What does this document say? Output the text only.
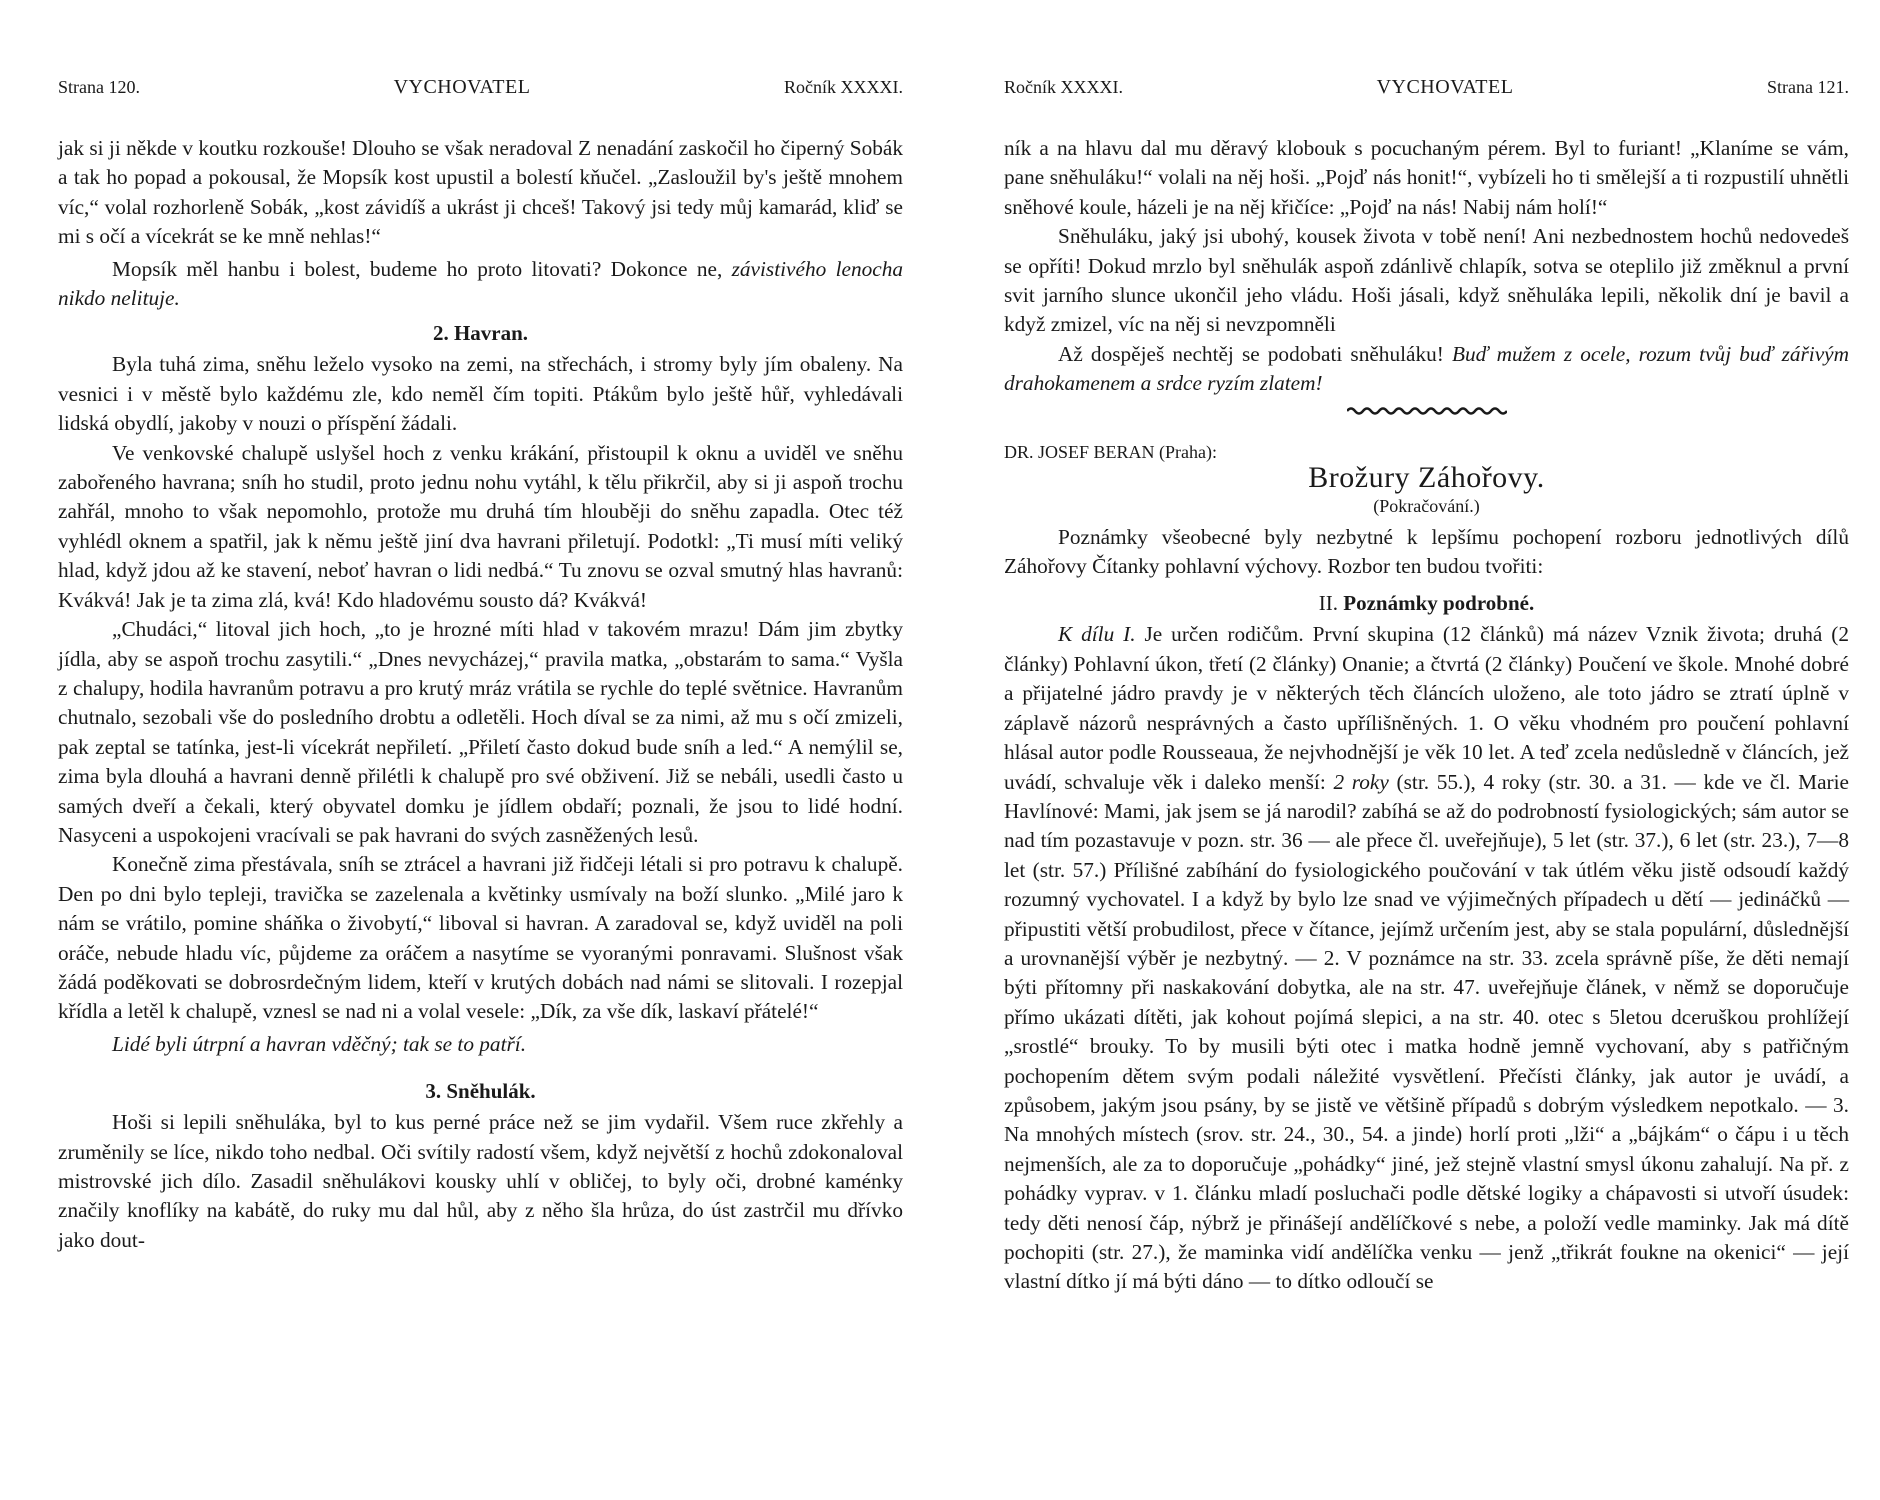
Strana 120.	VYCHOVATEL	Ročník XXXXI.

jak si ji někde v koutku rozkouše! Dlouho se však neradoval Z nenadání zaskočil ho čiperný Sobák a tak ho popad a pokousal, že Mopsík kost upustil a bolestí kňučel. „Zasloužil by's ještě mnohem víc,“ volal rozhorleně Sobák, „kost závidíš a ukrást ji chceš! Takový jsi tedy můj kamarád, kliď se mi s očí a vícekrát se ke mně nehlas!“

Mopsík měl hanbu i bolest, budeme ho proto litovati? Dokonce ne, závistivého lenocha nikdo nelituje.

2. Havran.

Byla tuhá zima, sněhu leželo vysoko na zemi, na střechách, i stromy byly jím obaleny. Na vesnici i v městě bylo každému zle, kdo neměl čím topiti. Ptákům bylo ještě hůř, vyhledávali lidská obydlí, jakoby v nouzi o příspění žádali.

Ve venkovské chalupě uslyšel hoch z venku krákání, přistoupil k oknu a uviděl ve sněhu zabořeného havrana; sníh ho studil, proto jednu nohu vytáhl, k tělu přikrčil, aby si ji aspoň trochu zahřál, mnoho to však nepomohlo, protože mu druhá tím hlouběji do sněhu zapadla. Otec též vyhlédl oknem a spatřil, jak k němu ještě jiní dva havrani přiletují. Podotkl: „Ti musí míti veliký hlad, když jdou až ke stavení, neboť havran o lidi nedbá.“ Tu znovu se ozval smutný hlas havranů: Kvákvá! Jak je ta zima zlá, kvá! Kdo hladovému sousto dá? Kvákvá!

„Chudáci,“ litoval jich hoch, „to je hrozné míti hlad v takovém mrazu! Dám jim zbytky jídla, aby se aspoň trochu zasytili.“ „Dnes nevycházej,“ pravila matka, „obstarám to sama.“ Vyšla z chalupy, hodila havranům potravu a pro krutý mráz vrátila se rychle do teplé světnice. Havranům chutnalo, sezobali vše do posledního drobtu a odletěli. Hoch díval se za nimi, až mu s očí zmizeli, pak zeptal se tatínka, jest-li vícekrát nepřiletí. „Přiletí často dokud bude sníh a led.“ A nemýlil se, zima byla dlouhá a havrani denně přilétli k chalupě pro své obživení. Již se nebáli, usedli často u samých dveří a čekali, který obyvatel domku je jídlem obdaří; poznali, že jsou to lidé hodní. Nasyceni a uspokojeni vracívali se pak havrani do svých zasněžených lesů.

Konečně zima přestávala, sníh se ztrácel a havrani již řidčeji létali si pro potravu k chalupě. Den po dni bylo tepleji, travička se zazelenala a květinky usmívaly na boží slunko. „Milé jaro k nám se vrátilo, pomine sháňka o živobytí,“ liboval si havran. A zaradoval se, když uviděl na poli oráče, nebude hladu víc, půjdeme za oráčem a nasytíme se vyoranými ponravami. Slušnost však žádá poděkovati se dobrosrdečným lidem, kteří v krutých dobách nad námi se slitovali. I rozepjal křídla a letěl k chalupě, vznesl se nad ni a volal vesele: „Dík, za vše dík, laskaví přátelé!“

Lidé byli útrpní a havran vděčný; tak se to patří.

3. Sněhulák.

Hoši si lepili sněhuláka, byl to kus perné práce než se jim vydařil. Všem ruce zkřehly a zruměnily se líce, nikdo toho nedbal. Oči svítily radostí všem, když největší z hochů zdokonaloval mistrovské jich dílo. Zasadil sněhulákovi kousky uhlí v obličej, to byly oči, drobné kaménky značily knoflíky na kabátě, do ruky mu dal hůl, aby z něho šla hrůza, do úst zastrčil mu dřívko jako dout-

Ročník XXXXI.	VYCHOVATEL	Strana 121.

ník a na hlavu dal mu děravý klobouk s pocuchaným pérem. Byl to furiant! „Klaníme se vám, pane sněhuláku!“ volali na něj hoši. „Pojď nás honit!“, vybízeli ho ti smělejší a ti rozpustilí uhnětli sněhové koule, házeli je na něj křičíce: „Pojď na nás! Nabij nám holí!“

Sněhuláku, jaký jsi ubohý, kousek života v tobě není! Ani nezbednostem hochů nedovedeš se opříti! Dokud mrzlo byl sněhulák aspoň zdánlivě chlapík, sotva se oteplilo již změknul a první svit jarního slunce ukončil jeho vládu. Hoši jásali, když sněhuláka lepili, několik dní je bavil a když zmizel, víc na něj si nevzpomněli

Až dospěješ nechtěj se podobati sněhuláku! Buď mužem z ocele, rozum tvůj buď zářivým drahokamenem a srdce ryzím zlatem!

DR. JOSEF BERAN (Praha):
Brožury Záhořovy.
(Pokračování.)

Poznámky všeobecné byly nezbytné k lepšímu pochopení rozboru jednotlivých dílů Záhořovy Čítanky pohlavní výchovy. Rozbor ten budou tvořiti:

II. Poznámky podrobné.

K dílu I. Je určen rodičům. První skupina (12 článků) má název Vznik života; druhá (2 články) Pohlavní úkon, třetí (2 články) Onanie; a čtvrtá (2 články) Poučení ve škole. Mnohé dobré a přijatelné jádro pravdy je v některých těch článcích uloženo, ale toto jádro se ztratí úplně v záplavě názorů nesprávných a často upřílišněných. 1. O věku vhodném pro poučení pohlavní hlásal autor podle Rousseaua, že nejvhodnější je věk 10 let. A teď zcela nedůsledně v článcích, jež uvádí, schvaluje věk i daleko menší: 2 roky (str. 55.), 4 roky (str. 30. a 31. — kde ve čl. Marie Havlínové: Mami, jak jsem se já narodil? zabíhá se až do podrobností fysiologických; sám autor se nad tím pozastavuje v pozn. str. 36 — ale přece čl. uveřejňuje), 5 let (str. 37.), 6 let (str. 23.), 7—8 let (str. 57.) Přílišné zabíhání do fysiologického poučování v tak útlém věku jistě odsoudí každý rozumný vychovatel. I a když by bylo lze snad ve výjimečných případech u dětí — jedináčků — připustiti větší probudilost, přece v čítance, jejímž určením jest, aby se stala populární, důslednější a urovnanější výběr je nezbytný. — 2. V poznámce na str. 33. zcela správně píše, že děti nemají býti přítomny při naskakování dobytka, ale na str. 47. uveřejňuje článek, v němž se doporučuje přímo ukázati dítěti, jak kohout pojímá slepici, a na str. 40. otec s 5letou dceruškou prohlížejí „srostlé“ brouky. To by musili býti otec i matka hodně jemně vychovaní, aby s patřičným pochopením dětem svým podali náležité vysvětlení. Přečísti články, jak autor je uvádí, a způsobem, jakým jsou psány, by se jistě ve většině případů s dobrým výsledkem nepotkalo. — 3. Na mnohých místech (srov. str. 24., 30., 54. a jinde) horlí proti „lži“ a „bájkám“ o čápu i u těch nejmenších, ale za to doporučuje „pohádky“ jiné, jež stejně vlastní smysl úkonu zahalují. Na př. z pohádky vyprav. v 1. článku mladí posluchači podle dětské logiky a chápavosti si utvoří úsudek: tedy děti nenosí čáp, nýbrž je přinášejí andělíčkové s nebe, a položí vedle maminky. Jak má dítě pochopiti (str. 27.), že maminka vidí andělíčka venku — jenž „třikrát foukne na okenici“ — její vlastní dítko jí má býti dáno — to dítko odloučí se
